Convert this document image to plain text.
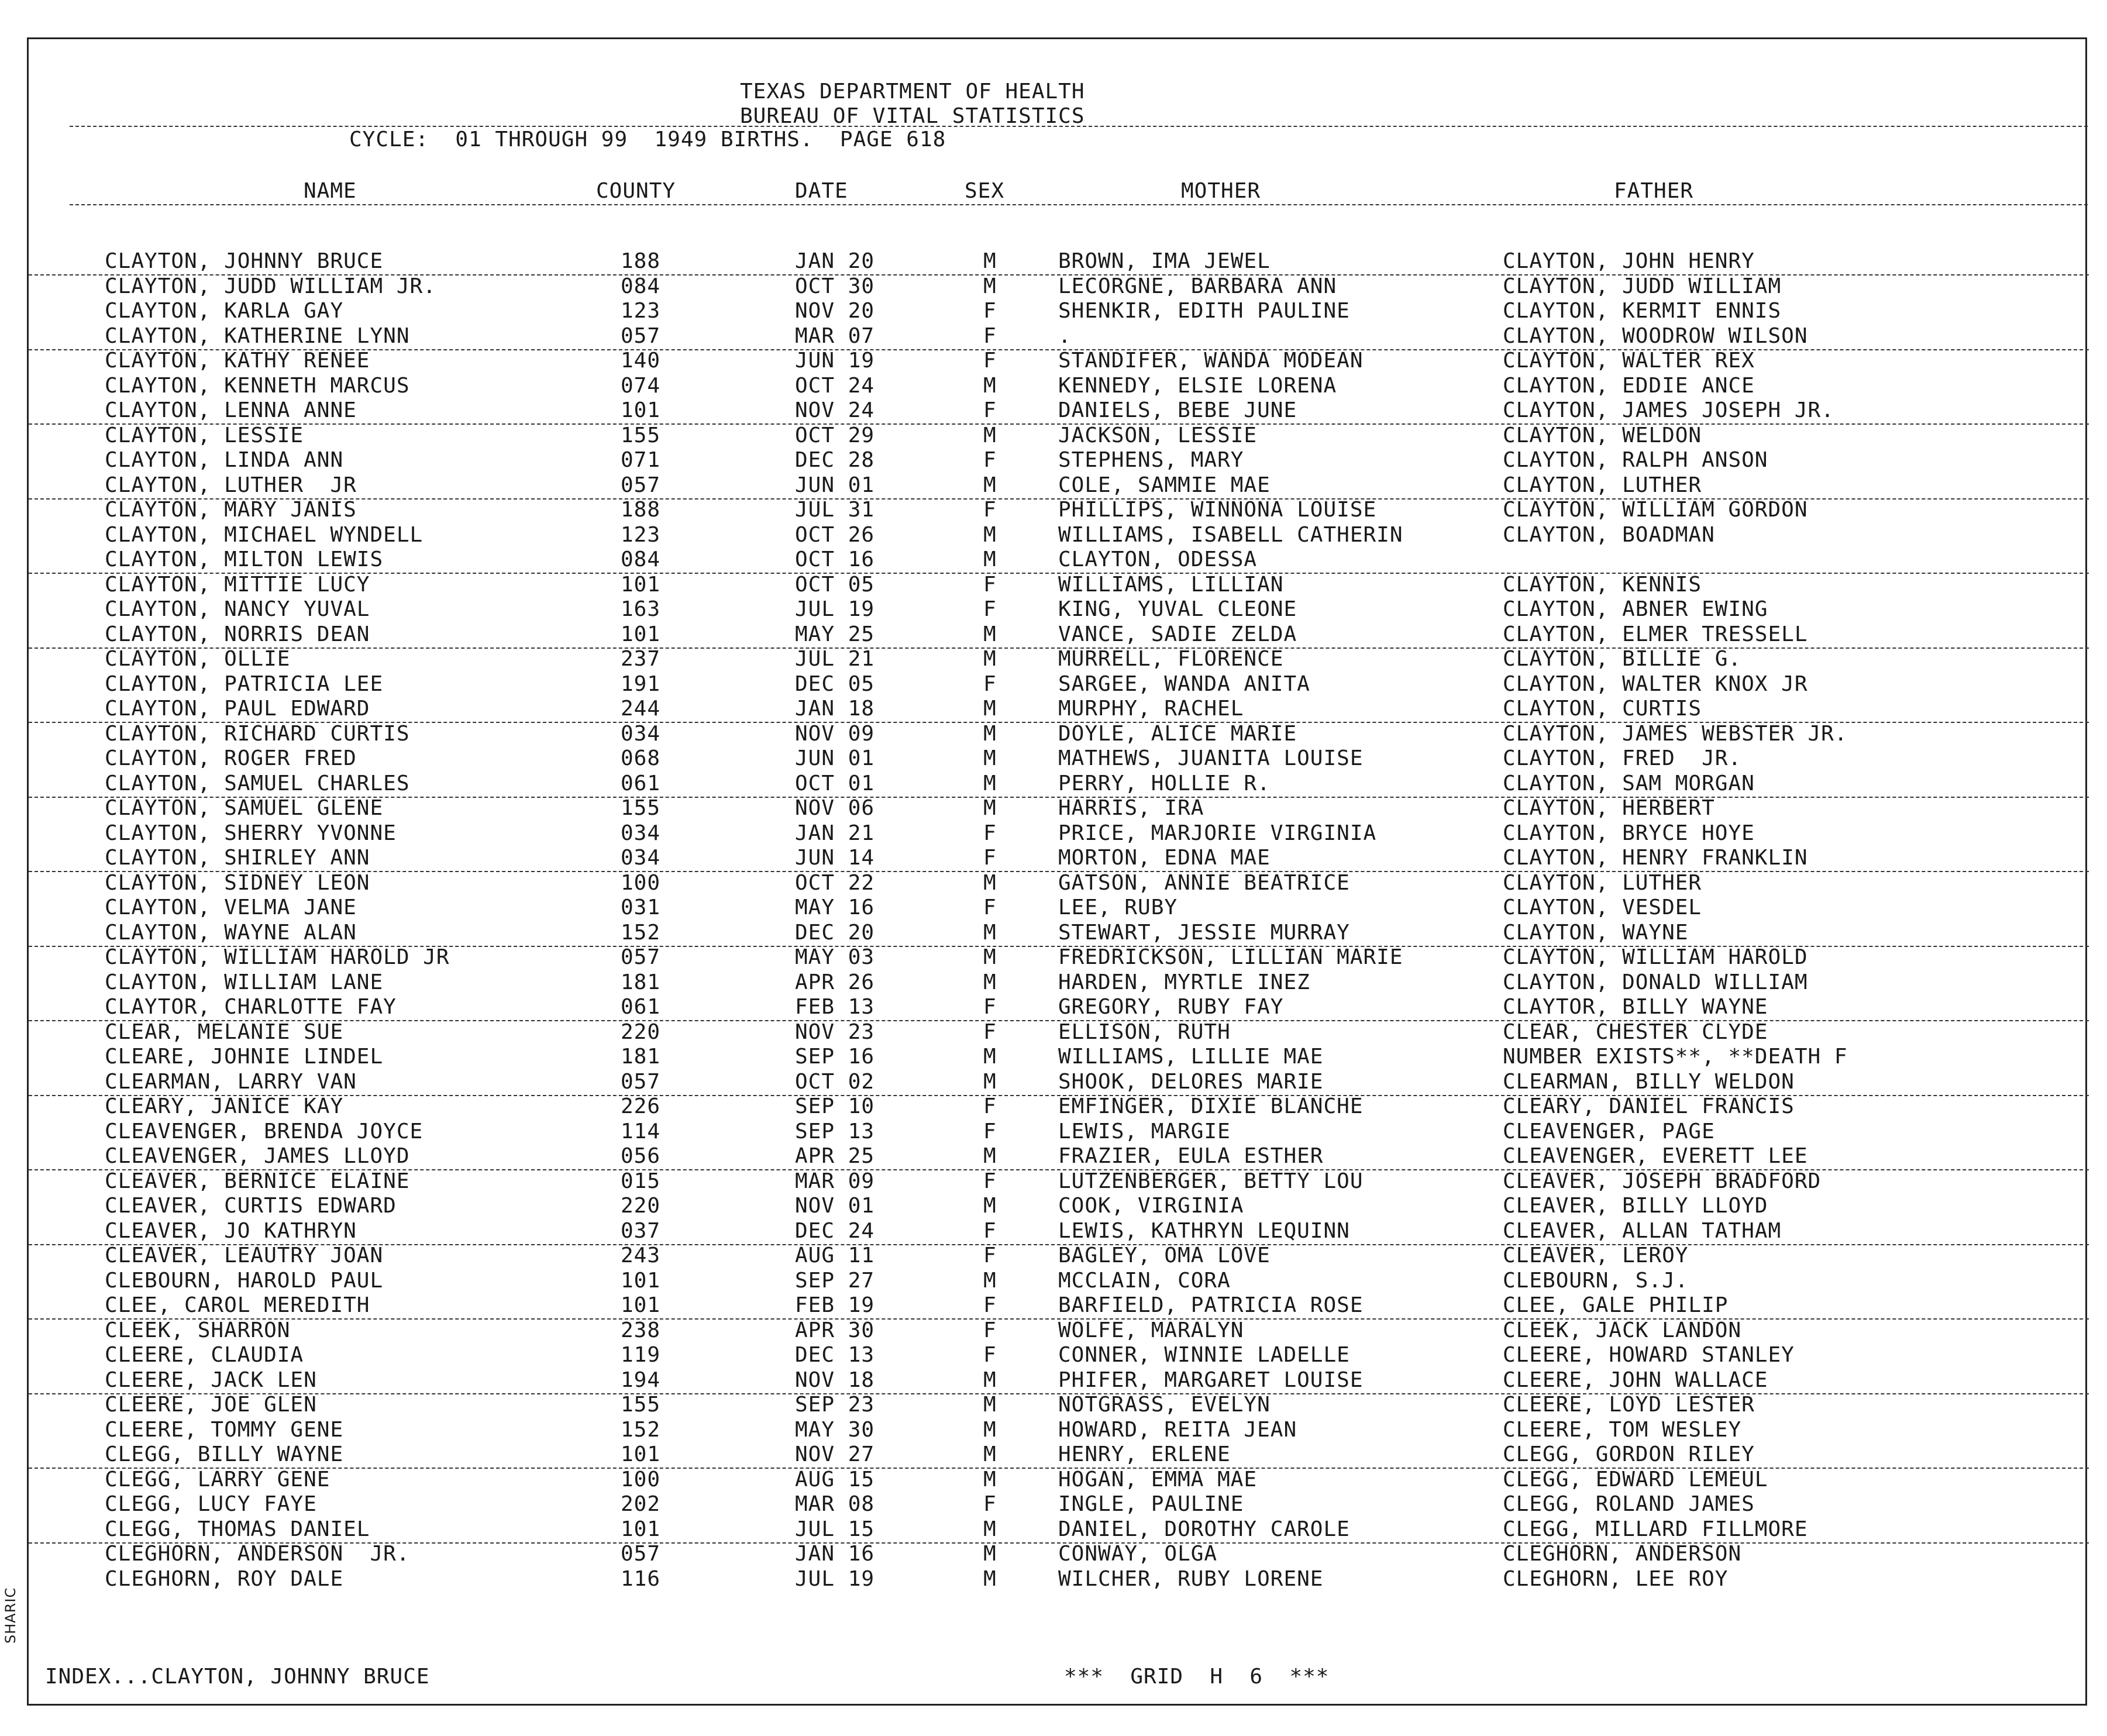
TEXAS DEPARTMENT OF HEALTH
BUREAU OF VITAL STATISTICS
CYCLE:  01 THROUGH 99  1949 BIRTHS.  PAGE 618
NAME	COUNTY	DATE	SEX	MOTHER	FATHER
CLAYTON, JOHNNY BRUCE	188	JAN 20	M	BROWN, IMA JEWEL	CLAYTON, JOHN HENRY
CLAYTON, JUDD WILLIAM JR.	084	OCT 30	M	LECORGNE, BARBARA ANN	CLAYTON, JUDD WILLIAM
CLAYTON, KARLA GAY	123	NOV 20	F	SHENKIR, EDITH PAULINE	CLAYTON, KERMIT ENNIS
CLAYTON, KATHERINE LYNN	057	MAR 07	F	.	CLAYTON, WOODROW WILSON
CLAYTON, KATHY RENEE	140	JUN 19	F	STANDIFER, WANDA MODEAN	CLAYTON, WALTER REX
CLAYTON, KENNETH MARCUS	074	OCT 24	M	KENNEDY, ELSIE LORENA	CLAYTON, EDDIE ANCE
CLAYTON, LENNA ANNE	101	NOV 24	F	DANIELS, BEBE JUNE	CLAYTON, JAMES JOSEPH JR.
CLAYTON, LESSIE	155	OCT 29	M	JACKSON, LESSIE	CLAYTON, WELDON
CLAYTON, LINDA ANN	071	DEC 28	F	STEPHENS, MARY	CLAYTON, RALPH ANSON
CLAYTON, LUTHER  JR	057	JUN 01	M	COLE, SAMMIE MAE	CLAYTON, LUTHER
CLAYTON, MARY JANIS	188	JUL 31	F	PHILLIPS, WINNONA LOUISE	CLAYTON, WILLIAM GORDON
CLAYTON, MICHAEL WYNDELL	123	OCT 26	M	WILLIAMS, ISABELL CATHERIN	CLAYTON, BOADMAN
CLAYTON, MILTON LEWIS	084	OCT 16	M	CLAYTON, ODESSA
CLAYTON, MITTIE LUCY	101	OCT 05	F	WILLIAMS, LILLIAN	CLAYTON, KENNIS
CLAYTON, NANCY YUVAL	163	JUL 19	F	KING, YUVAL CLEONE	CLAYTON, ABNER EWING
CLAYTON, NORRIS DEAN	101	MAY 25	M	VANCE, SADIE ZELDA	CLAYTON, ELMER TRESSELL
CLAYTON, OLLIE	237	JUL 21	M	MURRELL, FLORENCE	CLAYTON, BILLIE G.
CLAYTON, PATRICIA LEE	191	DEC 05	F	SARGEE, WANDA ANITA	CLAYTON, WALTER KNOX JR
CLAYTON, PAUL EDWARD	244	JAN 18	M	MURPHY, RACHEL	CLAYTON, CURTIS
CLAYTON, RICHARD CURTIS	034	NOV 09	M	DOYLE, ALICE MARIE	CLAYTON, JAMES WEBSTER JR.
CLAYTON, ROGER FRED	068	JUN 01	M	MATHEWS, JUANITA LOUISE	CLAYTON, FRED  JR.
CLAYTON, SAMUEL CHARLES	061	OCT 01	M	PERRY, HOLLIE R.	CLAYTON, SAM MORGAN
CLAYTON, SAMUEL GLENE	155	NOV 06	M	HARRIS, IRA	CLAYTON, HERBERT
CLAYTON, SHERRY YVONNE	034	JAN 21	F	PRICE, MARJORIE VIRGINIA	CLAYTON, BRYCE HOYE
CLAYTON, SHIRLEY ANN	034	JUN 14	F	MORTON, EDNA MAE	CLAYTON, HENRY FRANKLIN
CLAYTON, SIDNEY LEON	100	OCT 22	M	GATSON, ANNIE BEATRICE	CLAYTON, LUTHER
CLAYTON, VELMA JANE	031	MAY 16	F	LEE, RUBY	CLAYTON, VESDEL
CLAYTON, WAYNE ALAN	152	DEC 20	M	STEWART, JESSIE MURRAY	CLAYTON, WAYNE
CLAYTON, WILLIAM HAROLD JR	057	MAY 03	M	FREDRICKSON, LILLIAN MARIE	CLAYTON, WILLIAM HAROLD
CLAYTON, WILLIAM LANE	181	APR 26	M	HARDEN, MYRTLE INEZ	CLAYTON, DONALD WILLIAM
CLAYTOR, CHARLOTTE FAY	061	FEB 13	F	GREGORY, RUBY FAY	CLAYTOR, BILLY WAYNE
CLEAR, MELANIE SUE	220	NOV 23	F	ELLISON, RUTH	CLEAR, CHESTER CLYDE
CLEARE, JOHNIE LINDEL	181	SEP 16	M	WILLIAMS, LILLIE MAE	NUMBER EXISTS**, **DEATH F
CLEARMAN, LARRY VAN	057	OCT 02	M	SHOOK, DELORES MARIE	CLEARMAN, BILLY WELDON
CLEARY, JANICE KAY	226	SEP 10	F	EMFINGER, DIXIE BLANCHE	CLEARY, DANIEL FRANCIS
CLEAVENGER, BRENDA JOYCE	114	SEP 13	F	LEWIS, MARGIE	CLEAVENGER, PAGE
CLEAVENGER, JAMES LLOYD	056	APR 25	M	FRAZIER, EULA ESTHER	CLEAVENGER, EVERETT LEE
CLEAVER, BERNICE ELAINE	015	MAR 09	F	LUTZENBERGER, BETTY LOU	CLEAVER, JOSEPH BRADFORD
CLEAVER, CURTIS EDWARD	220	NOV 01	M	COOK, VIRGINIA	CLEAVER, BILLY LLOYD
CLEAVER, JO KATHRYN	037	DEC 24	F	LEWIS, KATHRYN LEQUINN	CLEAVER, ALLAN TATHAM
CLEAVER, LEAUTRY JOAN	243	AUG 11	F	BAGLEY, OMA LOVE	CLEAVER, LEROY
CLEBOURN, HAROLD PAUL	101	SEP 27	M	MCCLAIN, CORA	CLEBOURN, S.J.
CLEE, CAROL MEREDITH	101	FEB 19	F	BARFIELD, PATRICIA ROSE	CLEE, GALE PHILIP
CLEEK, SHARRON	238	APR 30	F	WOLFE, MARALYN	CLEEK, JACK LANDON
CLEERE, CLAUDIA	119	DEC 13	F	CONNER, WINNIE LADELLE	CLEERE, HOWARD STANLEY
CLEERE, JACK LEN	194	NOV 18	M	PHIFER, MARGARET LOUISE	CLEERE, JOHN WALLACE
CLEERE, JOE GLEN	155	SEP 23	M	NOTGRASS, EVELYN	CLEERE, LOYD LESTER
CLEERE, TOMMY GENE	152	MAY 30	M	HOWARD, REITA JEAN	CLEERE, TOM WESLEY
CLEGG, BILLY WAYNE	101	NOV 27	M	HENRY, ERLENE	CLEGG, GORDON RILEY
CLEGG, LARRY GENE	100	AUG 15	M	HOGAN, EMMA MAE	CLEGG, EDWARD LEMEUL
CLEGG, LUCY FAYE	202	MAR 08	F	INGLE, PAULINE	CLEGG, ROLAND JAMES
CLEGG, THOMAS DANIEL	101	JUL 15	M	DANIEL, DOROTHY CAROLE	CLEGG, MILLARD FILLMORE
CLEGHORN, ANDERSON  JR.	057	JAN 16	M	CONWAY, OLGA	CLEGHORN, ANDERSON
CLEGHORN, ROY DALE	116	JUL 19	M	WILCHER, RUBY LORENE	CLEGHORN, LEE ROY
INDEX...CLAYTON, JOHNNY BRUCE	***  GRID  H  6  ***
SHARIC
